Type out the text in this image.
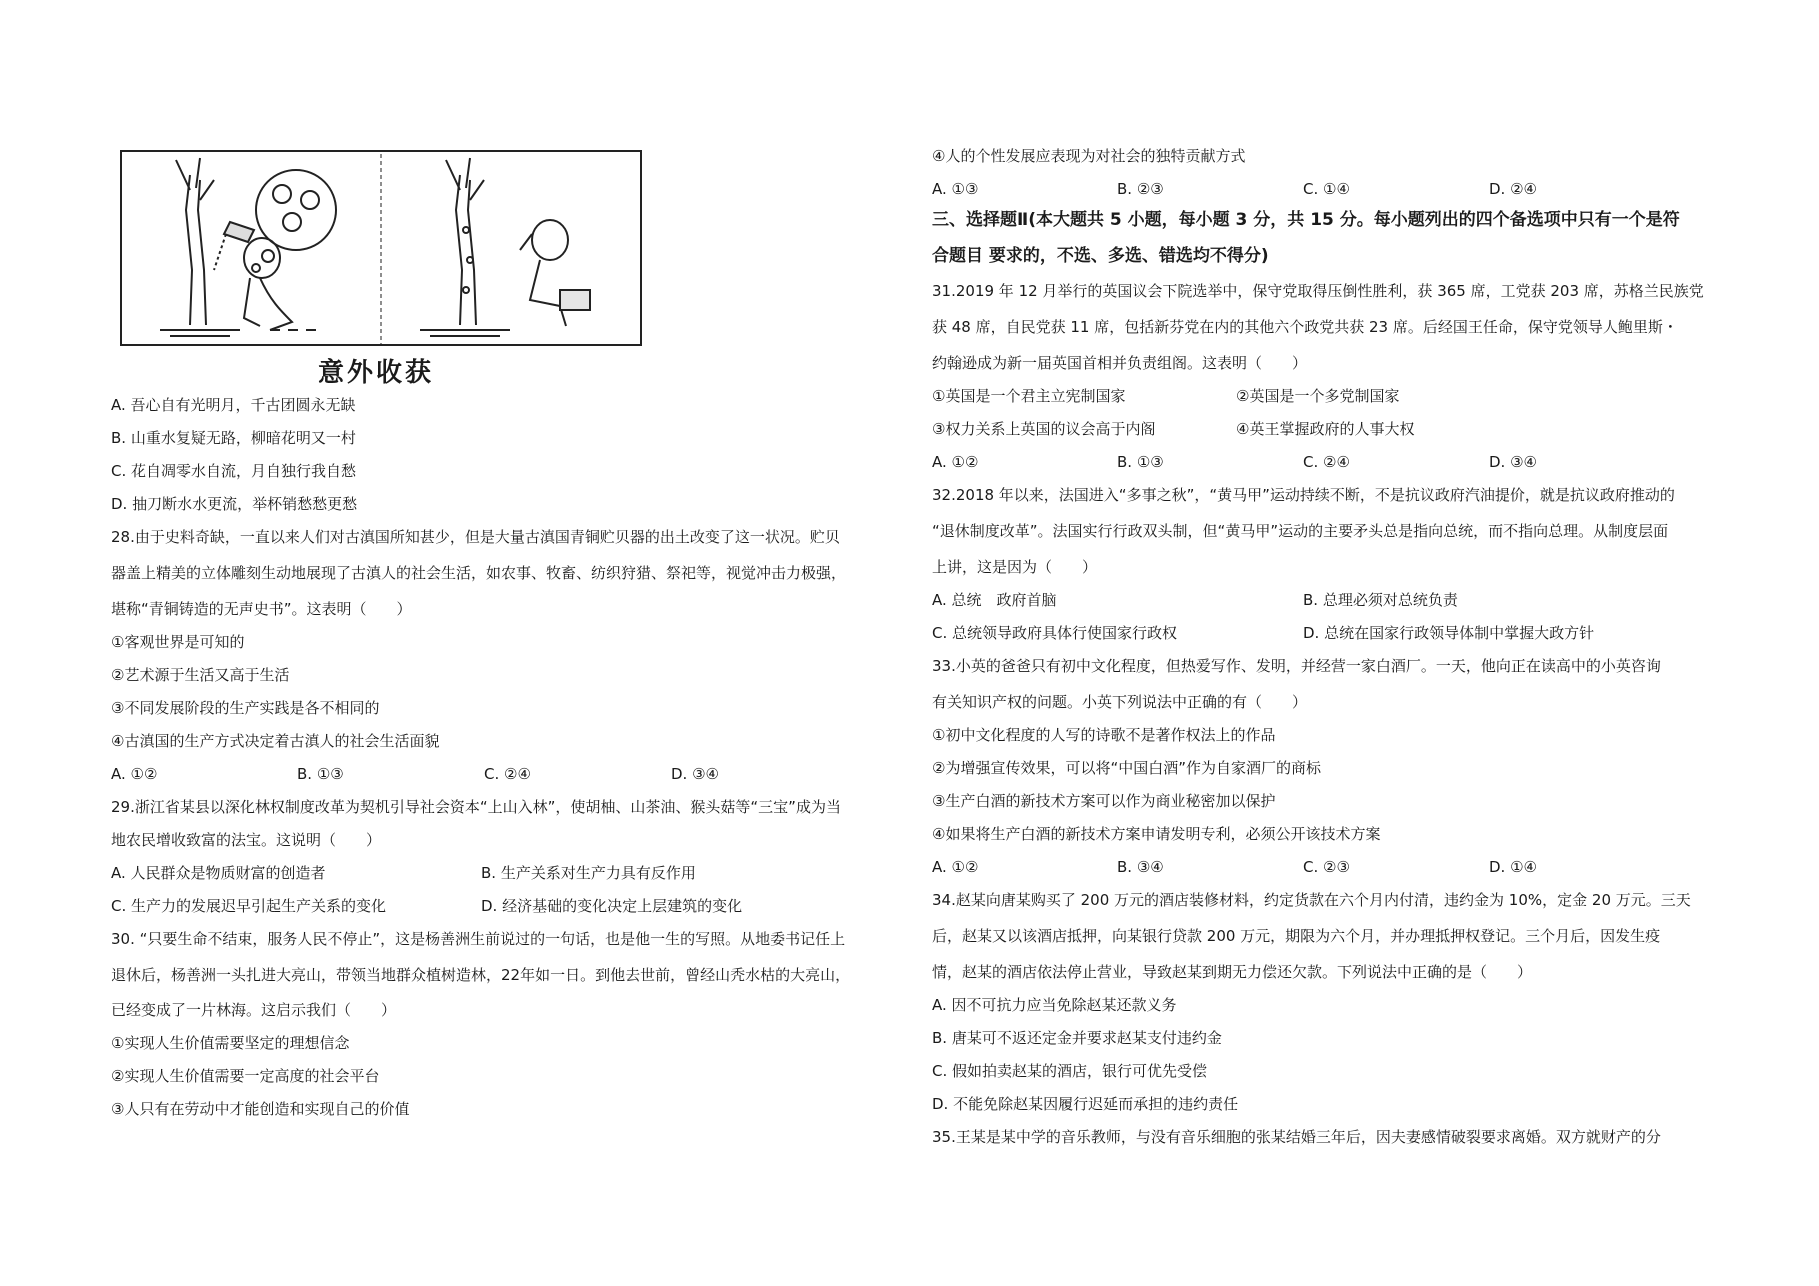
意外收获
A. 吾心自有光明月，千古团圆永无缺
B. 山重水复疑无路，柳暗花明又一村
C. 花自凋零水自流，月自独行我自愁
D. 抽刀断水水更流，举杯销愁愁更愁
28.由于史料奇缺，一直以来人们对古滇国所知甚少，但是大量古滇国青铜贮贝器的出土改变了这一状况。贮贝
器盖上精美的立体雕刻生动地展现了古滇人的社会生活，如农事、牧畜、纺织狩猎、祭祀等，视觉冲击力极强，
堪称“青铜铸造的无声史书”。这表明（　　）
①客观世界是可知的
②艺术源于生活又高于生活
③不同发展阶段的生产实践是各不相同的
④古滇国的生产方式决定着古滇人的社会生活面貌
A. ①②	B. ①③	C. ②④	D. ③④
29.浙江省某县以深化林权制度改革为契机引导社会资本“上山入林”，使胡柚、山茶油、猴头菇等“三宝”成为当
地农民增收致富的法宝。这说明（　　）
A. 人民群众是物质财富的创造者	B. 生产关系对生产力具有反作用
C. 生产力的发展迟早引起生产关系的变化	D. 经济基础的变化决定上层建筑的变化
30. “只要生命不结束，服务人民不停止”，这是杨善洲生前说过的一句话，也是他一生的写照。从地委书记任上
退休后，杨善洲一头扎进大亮山，带领当地群众植树造林，22年如一日。到他去世前，曾经山秃水枯的大亮山，
已经变成了一片林海。这启示我们（　　）
①实现人生价值需要坚定的理想信念
②实现人生价值需要一定高度的社会平台
③人只有在劳动中才能创造和实现自己的价值
④人的个性发展应表现为对社会的独特贡献方式
A. ①③	B. ②③	C. ①④	D. ②④
三、选择题Ⅱ(本大题共 5 小题，每小题 3 分，共 15 分。每小题列出的四个备选项中只有一个是符
合题目 要求的，不选、多选、错选均不得分)
31.2019 年 12 月举行的英国议会下院选举中，保守党取得压倒性胜利，获 365 席，工党获 203 席，苏格兰民族党
获 48 席，自民党获 11 席，包括新芬党在内的其他六个政党共获 23 席。后经国王任命，保守党领导人鲍里斯・
约翰逊成为新一届英国首相并负责组阁。这表明（　　）
①英国是一个君主立宪制国家	②英国是一个多党制国家
③权力关系上英国的议会高于内阁	④英王掌握政府的人事大权
A. ①②	B. ①③	C. ②④	D. ③④
32.2018 年以来，法国进入“多事之秋”，“黄马甲”运动持续不断，不是抗议政府汽油提价，就是抗议政府推动的
“退休制度改革”。法国实行行政双头制，但“黄马甲”运动的主要矛头总是指向总统，而不指向总理。从制度层面
上讲，这是因为（　　）
A. 总统　政府首脑	B. 总理必须对总统负责
C. 总统领导政府具体行使国家行政权	D. 总统在国家行政领导体制中掌握大政方针
33.小英的爸爸只有初中文化程度，但热爱写作、发明，并经营一家白酒厂。一天，他向正在读高中的小英咨询
有关知识产权的问题。小英下列说法中正确的有（　　）
①初中文化程度的人写的诗歌不是著作权法上的作品
②为增强宣传效果，可以将“中国白酒”作为自家酒厂的商标
③生产白酒的新技术方案可以作为商业秘密加以保护
④如果将生产白酒的新技术方案申请发明专利，必须公开该技术方案
A. ①②	B. ③④	C. ②③	D. ①④
34.赵某向唐某购买了 200 万元的酒店装修材料，约定货款在六个月内付清，违约金为 10%，定金 20 万元。三天
后，赵某又以该酒店抵押，向某银行贷款 200 万元，期限为六个月，并办理抵押权登记。三个月后，因发生疫
情，赵某的酒店依法停止营业，导致赵某到期无力偿还欠款。下列说法中正确的是（　　）
A. 因不可抗力应当免除赵某还款义务
B. 唐某可不返还定金并要求赵某支付违约金
C. 假如拍卖赵某的酒店，银行可优先受偿
D. 不能免除赵某因履行迟延而承担的违约责任
35.王某是某中学的音乐教师，与没有音乐细胞的张某结婚三年后，因夫妻感情破裂要求离婚。双方就财产的分
